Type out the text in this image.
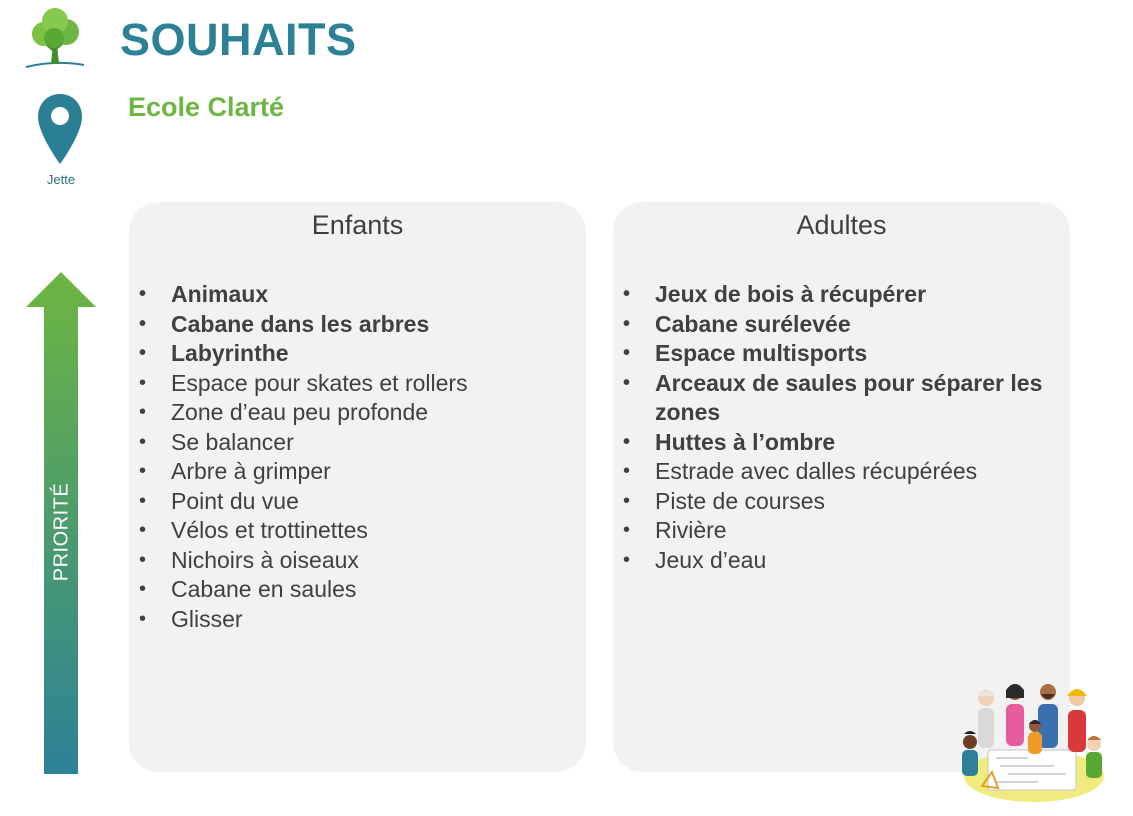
SOUHAITS
Jette
Ecole Clarté
PRIORITÉ
Enfants
• Animaux
• Cabane dans les arbres
• Labyrinthe
• Espace pour skates et rollers
• Zone d’eau peu profonde
• Se balancer
• Arbre à grimper
• Point du vue
• Vélos et trottinettes
• Nichoirs à oiseaux
• Cabane en saules
• Glisser
Adultes
• Jeux de bois à récupérer
• Cabane surélevée
• Espace multisports
• Arceaux de saules pour séparer les zones
• Huttes à l’ombre
• Estrade avec dalles récupérées
• Piste de courses
• Rivière
• Jeux d’eau
